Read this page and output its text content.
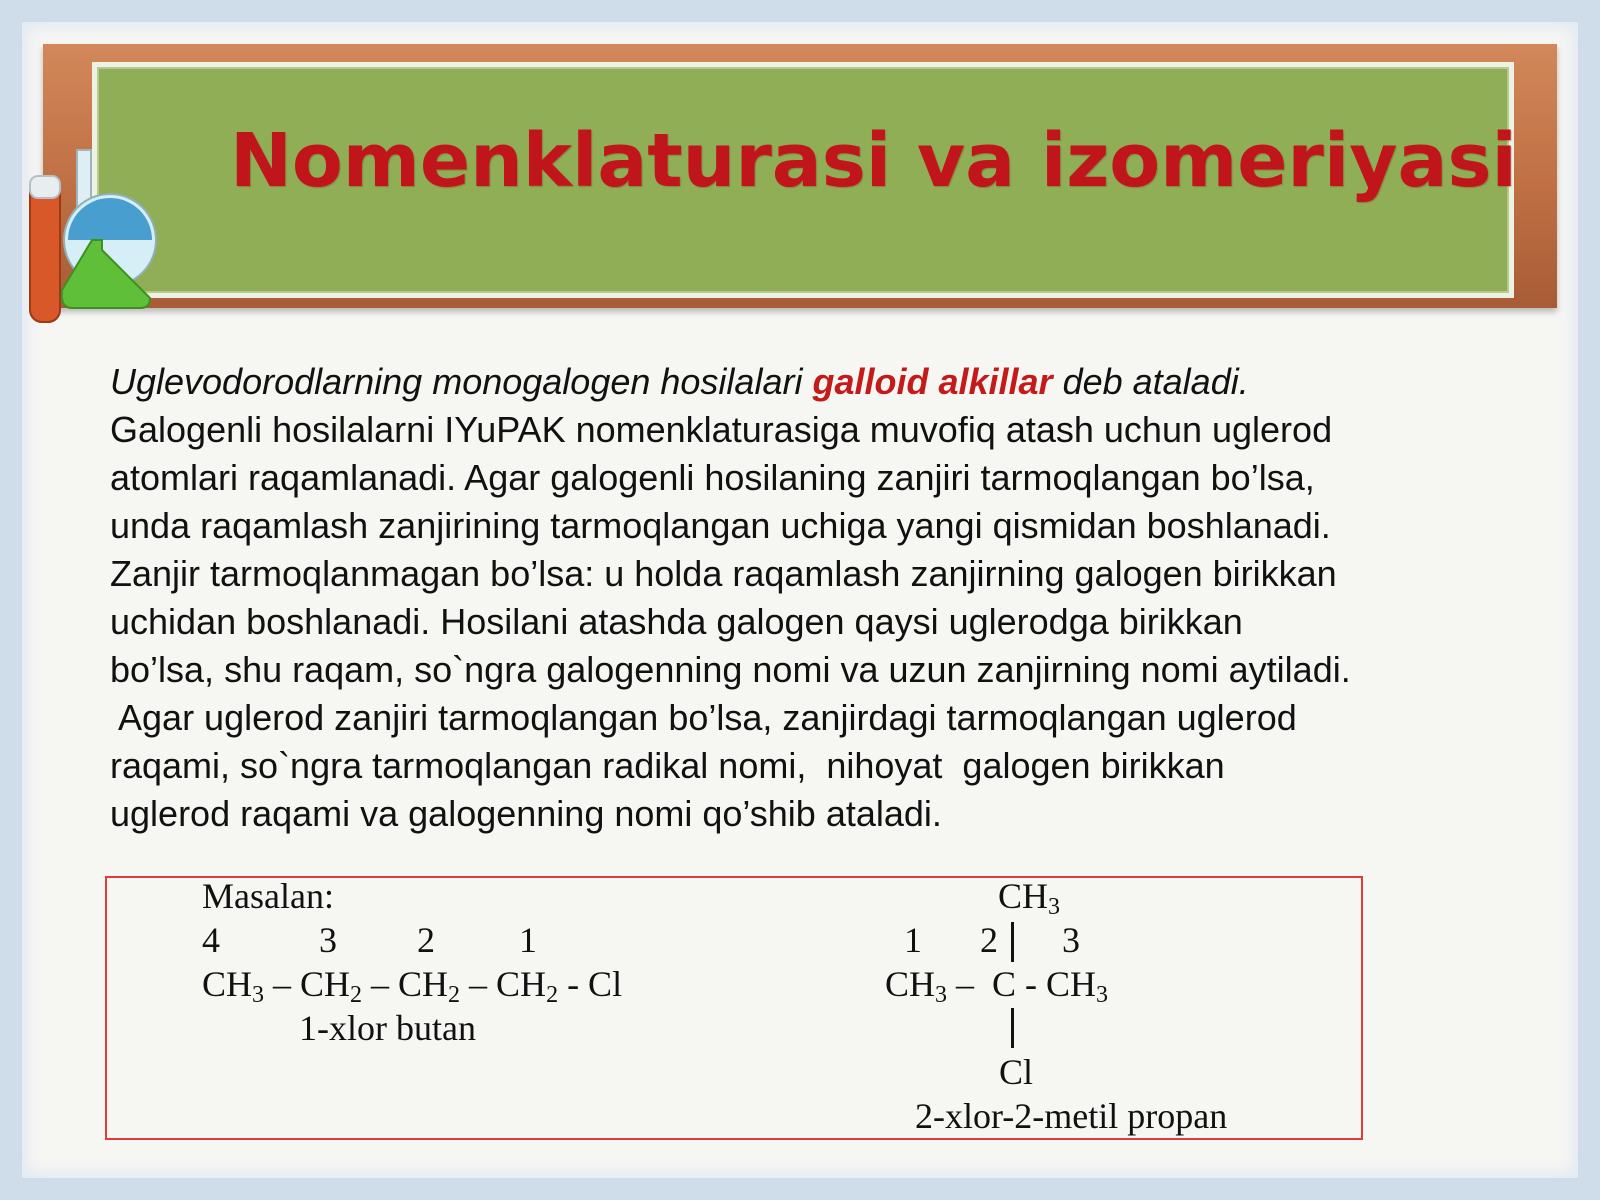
Nomenklaturasi va izomeriyasi

Uglevodorodlarning monogalogen hosilalari galloid alkillar deb ataladi.

Galogenli hosilalarni IYuPAK nomenklaturasiga muvofiq atash uchun uglerod

atomlari raqamlanadi. Agar galogenli hosilaning zanjiri tarmoqlangan bo’lsa,

unda raqamlash zanjirining tarmoqlangan uchiga yangi qismidan boshlanadi.

Zanjir tarmoqlanmagan bo’lsa: u holda raqamlash zanjirning galogen birikkan

uchidan boshlanadi. Hosilani atashda galogen qaysi uglerodga birikkan

bo’lsa, shu raqam, so`ngra galogenning nomi va uzun zanjirning nomi aytiladi.

Agar uglerod zanjiri tarmoqlangan bo’lsa, zanjirdagi tarmoqlangan uglerod

raqami, so`ngra tarmoqlangan radikal nomi,  nihoyat  galogen birikkan

uglerod raqami va galogenning nomi qo’shib ataladi.

Masalan:
4	3 2 1
$CH_3 - CH_2 - CH_2 - CH_2$ - Cl
1-xlor butan
$CH_3$
1 2 3
$CH_3$ –  C - $CH_3$
Cl
2-xlor-2-metil propan
